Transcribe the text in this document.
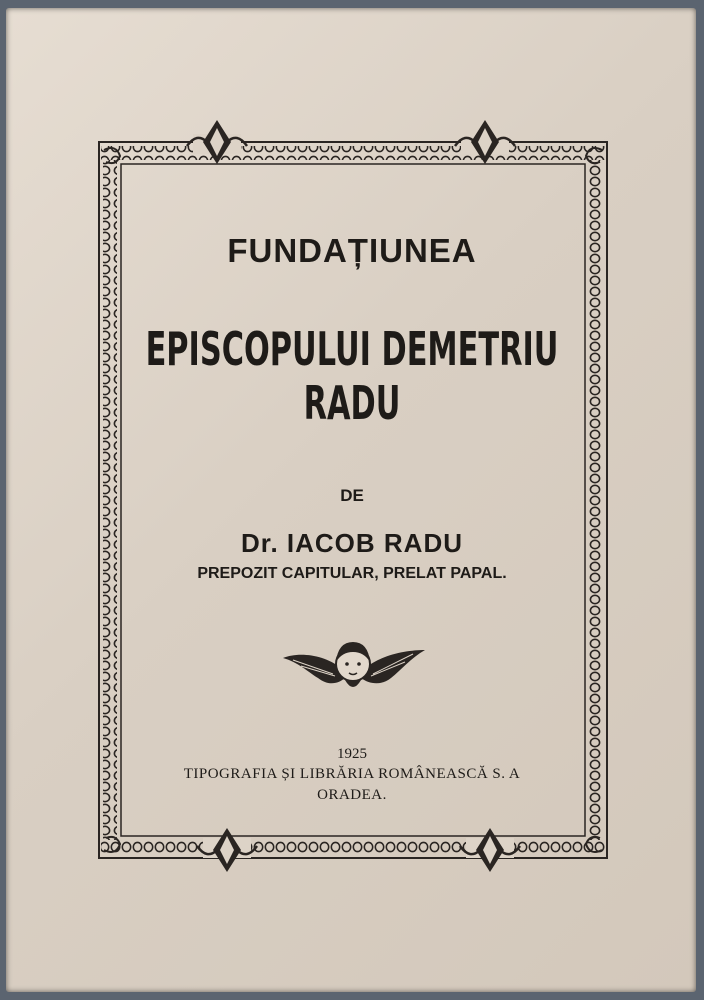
FUNDAȚIUNEA
EPISCOPULUI DEMETRIU RADU
DE
Dr. IACOB RADU
PREPOZIT CAPITULAR, PRELAT PAPAL.
1925
TIPOGRAFIA ȘI LIBRĂRIA ROMÂNEASCĂ S. A
ORADEA.
